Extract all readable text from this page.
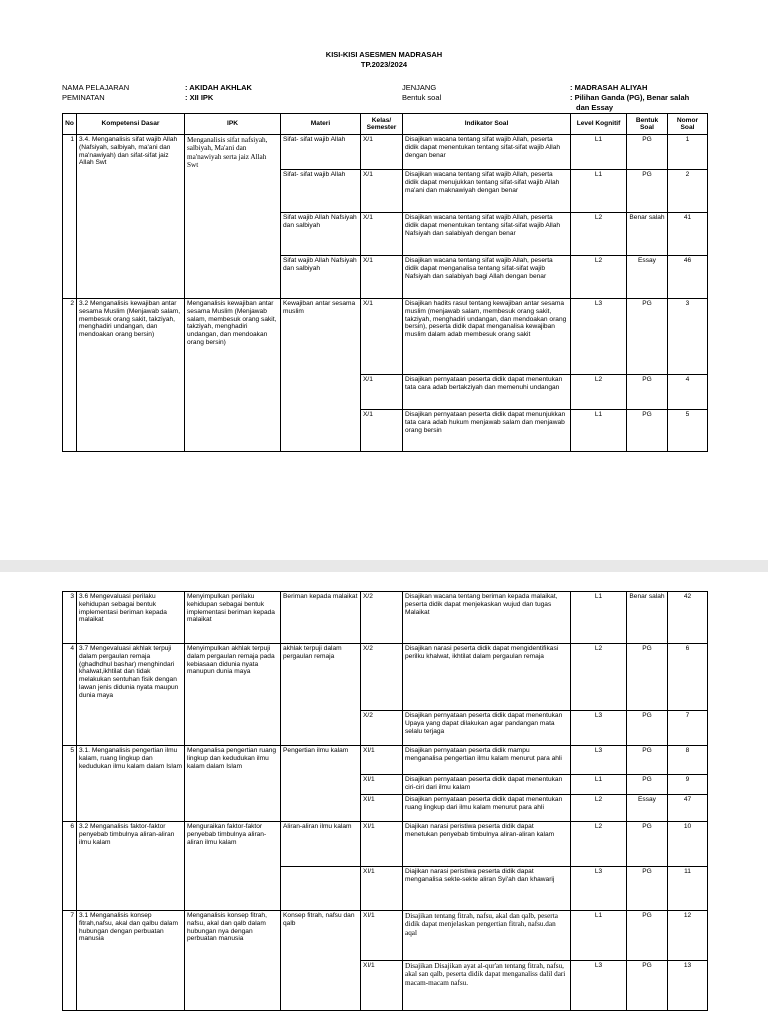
KISI-KISI ASESMEN MADRASAH
TP.2023/2024
NAMA PELAJARAN	: AKIDAH AKHLAK
PEMINATAN	: XII IPK
JENJANG	: MADRASAH ALIYAH
Bentuk soal	: Pilihan Ganda (PG), Benar salah
dan Essay
No	Kompetensi Dasar	IPK	Materi	Kelas/ Semester	Indikator Soal	Level Kognitif	Bentuk Soal	Nomor Soal
1	3.4. Menganalisis sifat wajib Allah (Nafsiyah, salbiyah, ma'ani dan ma'nawiyah) dan sifat-sifat jaiz Allah Swt	Menganalisis sifat nafsiyah, salbiyah, Ma'ani dan ma'nawiyah serta jaiz Allah Swt	Sifat- sifat wajib Allah	X/1	Disajikan wacana tentang sifat wajib Allah, peserta didik dapat menentukan tentang sifat-sifat wajib Allah dengan benar	L1	PG	1
			Sifat- sifat wajib Allah	X/1	Disajikan wacana tentang sifat wajib Allah, peserta didik dapat menujukkan tentang sifat-sifat wajib Allah ma'ani dan maknawiyah dengan benar	L1	PG	2
			Sifat wajib Allah Nafsiyah dan salbiyah	X/1	Disajikan wacana tentang sifat wajib Allah, peserta didik dapat menentukan tentang sifat-sifat wajib Allah Nafsiyah dan salabiyah dengan benar	L2	Benar salah	41
			Sifat wajib Allah Nafsiyah dan salbiyah	X/1	Disajikan wacana tentang sifat wajib Allah, peserta didik dapat menganalisa tentang sifat-sifat wajib Nafsiyah dan salabiyah bagi Allah dengan benar	L2	Essay	46
2	3.2 Menganalisis kewajiban antar sesama Muslim (Menjawab salam, membesuk orang sakit, takziyah, menghadiri undangan, dan mendoakan orang bersin)	Menganalisis kewajiban antar sesama Muslim (Menjawab salam, membesuk orang sakit, takziyah, menghadiri undangan, dan mendoakan orang bersin)	Kewajiban antar sesama muslim	X/1	Disajikan hadits rasul tentang kewajiban antar sesama muslim (menjawab salam, membesuk orang sakit, takziyah, menghadiri undangan, dan mendoakan orang bersin), peserta didik dapat menganalisa kewajiban muslim dalam adab membesuk orang sakit	L3	PG	3
				X/1	Disajikan pernyataan peserta didik dapat menentukan tata cara adab bertakziyah dan memenuhi undangan	L2	PG	4
				X/1	Disajikan pernyataan peserta didik dapat menunjukkan tata cara adab hukum menjawab salam dan menjawab orang bersin	L1	PG	5
3	3.6 Mengevaluasi perilaku kehidupan sebagai bentuk implementasi beriman kepada malaikat	Menyimpulkan perilaku kehidupan sebagai bentuk implementasi beriman kepada malaikat	Beriman kepada malaikat	X/2	Disajikan wacana tentang beriman kepada malaikat, peserta didik dapat menjekaskan wujud dan tugas Malaikat	L1	Benar salah	42
4	3.7 Mengevaluasi akhlak terpuji dalam pergaulan remaja (ghadhdhul bashar) menghindari khalwat,ikhtilat dan tidak melakukan sentuhan fisik dengan lawan jenis didunia nyata maupun dunia maya	Menyimpulkan akhlak terpuji dalam pergaulan remaja pada kebiasaan didunia nyata manupun dunia maya	akhlak terpuji dalam pergaulan remaja	X/2	Disajikan narasi peserta didik dapat mengidentifikasi perilku khalwat, ikhtilat dalam pergaulan remaja	L2	PG	6
				X/2	Disajikan pernyataan peserta didik dapat menentukan Upaya yang dapat dilakukan agar pandangan mata selalu terjaga	L3	PG	7
5	3.1. Menganalisis pengertian ilmu kalam, ruang lingkup dan kedudukan ilmu kalam dalam Islam	Menganalisa pengertian ruang lingkup dan kedudukan ilmu kalam dalam Islam	Pengertian ilmu kalam	XI/1	Disajikan pernyataan peserta didik mampu menganalisa pengertian ilmu kalam menurut para ahli	L3	PG	8
				XI/1	Disajikan pernyataan peserta didik dapat menentukan ciri-ciri dari ilmu kalam	L1	PG	9
				XI/1	Disajikan pernyataan peserta didik dapat menentukan ruang lingkup dari ilmu kalam menurut para ahli	L2	Essay	47
6	3.2 Menganalisis faktor-faktor penyebab timbulnya aliran-aliran ilmu kalam	Menguraikan faktor-faktor penyebab timbulnya aliran-aliran ilmu kalam	Aliran-aliran ilmu kalam	XI/1	Diajikan narasi peristiwa peserta didik dapat menetukan penyebab timbulnya aliran-aliran kalam	L2	PG	10
				XI/1	Diajikan narasi peristiwa peserta didik dapat menganalisa sekte-sekte aliran Syi'ah dan khawarij	L3	PG	11
7	3.1 Menganalisis konsep fitrah,nafsu, akal dan qalbu dalam hubungan dengan perbuatan manusia	Menganalisis konsep fitrah, nafsu, akal dan qalb dalam hubungan nya dengan perbuatan manusia	Konsep fitrah, nafsu dan qalb	XI/1	Disajikan tentang fitrah, nafsu, akal dan qalb, peserta didik dapat menjelaskan pengertian fitrah, nafsu.dan aqal	L1	PG	12
				XI/1	Disajikan Disajikan ayat al-qur'an tentang fitrah, nafsu, akal san qalb, peserta didik dapat menganaliss dalil dari macam-macam nafsu.	L3	PG	13
